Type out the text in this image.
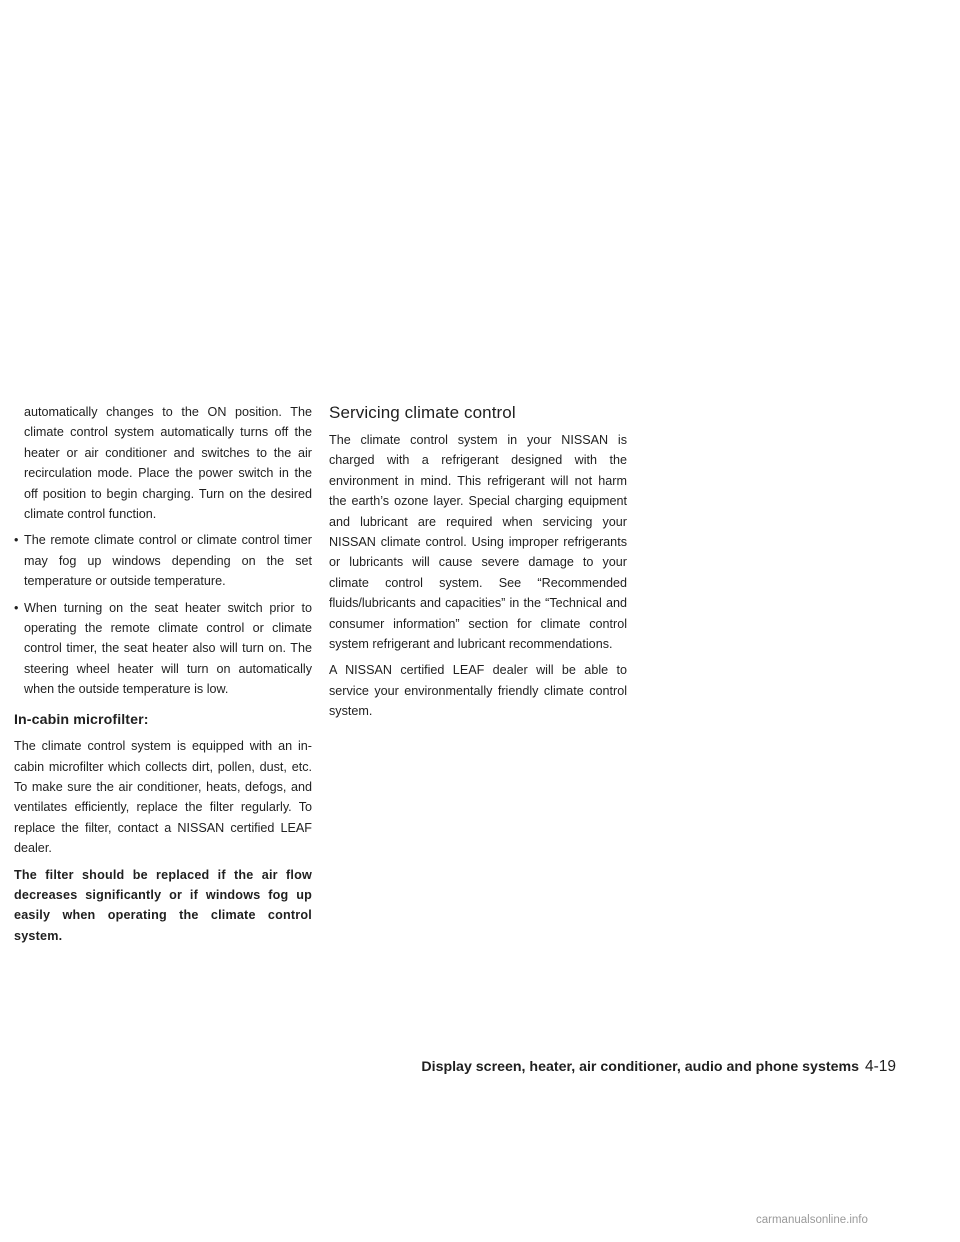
automatically changes to the ON position. The climate control system automatically turns off the heater or air conditioner and switches to the air recirculation mode. Place the power switch in the off position to begin charging. Turn on the desired climate control function.

• The remote climate control or climate control timer may fog up windows depending on the set temperature or outside temperature.
• When turning on the seat heater switch prior to operating the remote climate control or climate control timer, the seat heater also will turn on. The steering wheel heater will turn on automatically when the outside temperature is low.
In-cabin microfilter:

The climate control system is equipped with an in-cabin microfilter which collects dirt, pollen, dust, etc. To make sure the air conditioner, heats, defogs, and ventilates efficiently, replace the filter regularly. To replace the filter, contact a NISSAN certified LEAF dealer.

The filter should be replaced if the air flow decreases significantly or if windows fog up easily when operating the climate control system.

Servicing climate control

The climate control system in your NISSAN is charged with a refrigerant designed with the environment in mind. This refrigerant will not harm the earth’s ozone layer. Special charging equipment and lubricant are required when servicing your NISSAN climate control. Using improper refrigerants or lubricants will cause severe damage to your climate control system. See “Recommended fluids/lubricants and capacities” in the “Technical and consumer information” section for climate control system refrigerant and lubricant recommendations.

A NISSAN certified LEAF dealer will be able to service your environmentally friendly climate control system.

Display screen, heater, air conditioner, audio and phone systems 4-19
carmanualsonline.info
